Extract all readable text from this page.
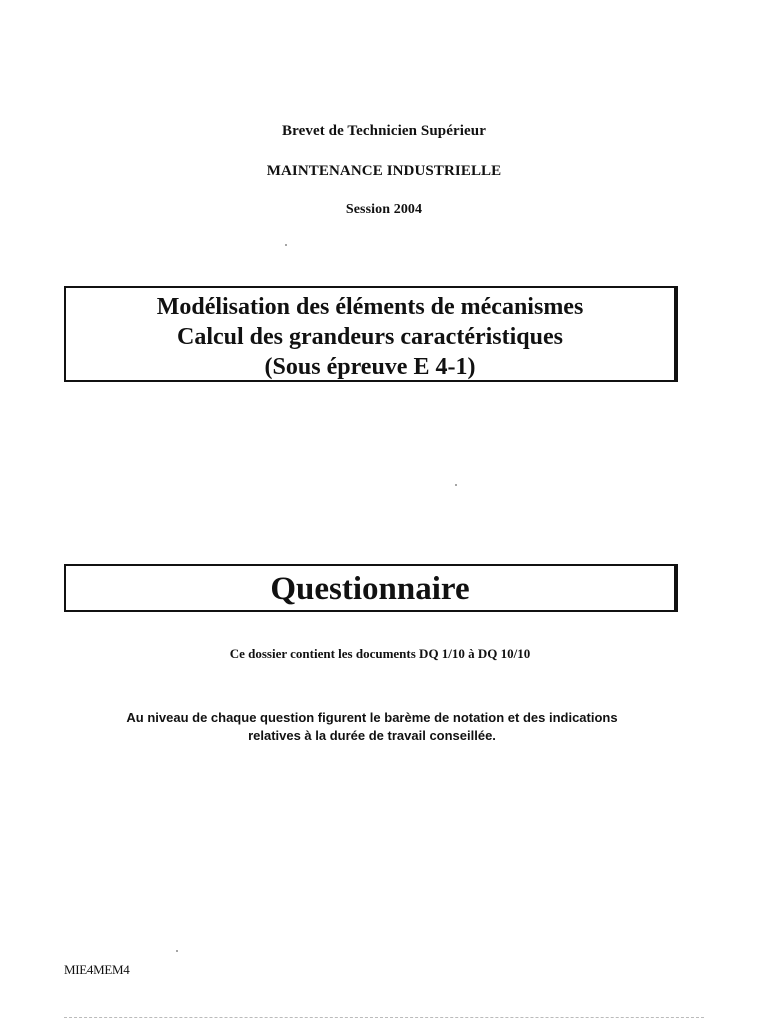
Brevet de Technicien Supérieur
MAINTENANCE INDUSTRIELLE
Session 2004
Modélisation des éléments de mécanismes
Calcul des grandeurs caractéristiques
(Sous épreuve E 4-1)
Questionnaire
Ce dossier contient les documents DQ 1/10 à DQ 10/10
Au niveau de chaque question figurent le barème de notation et des indications
relatives à la durée de travail conseillée.
MIE4MEM4
